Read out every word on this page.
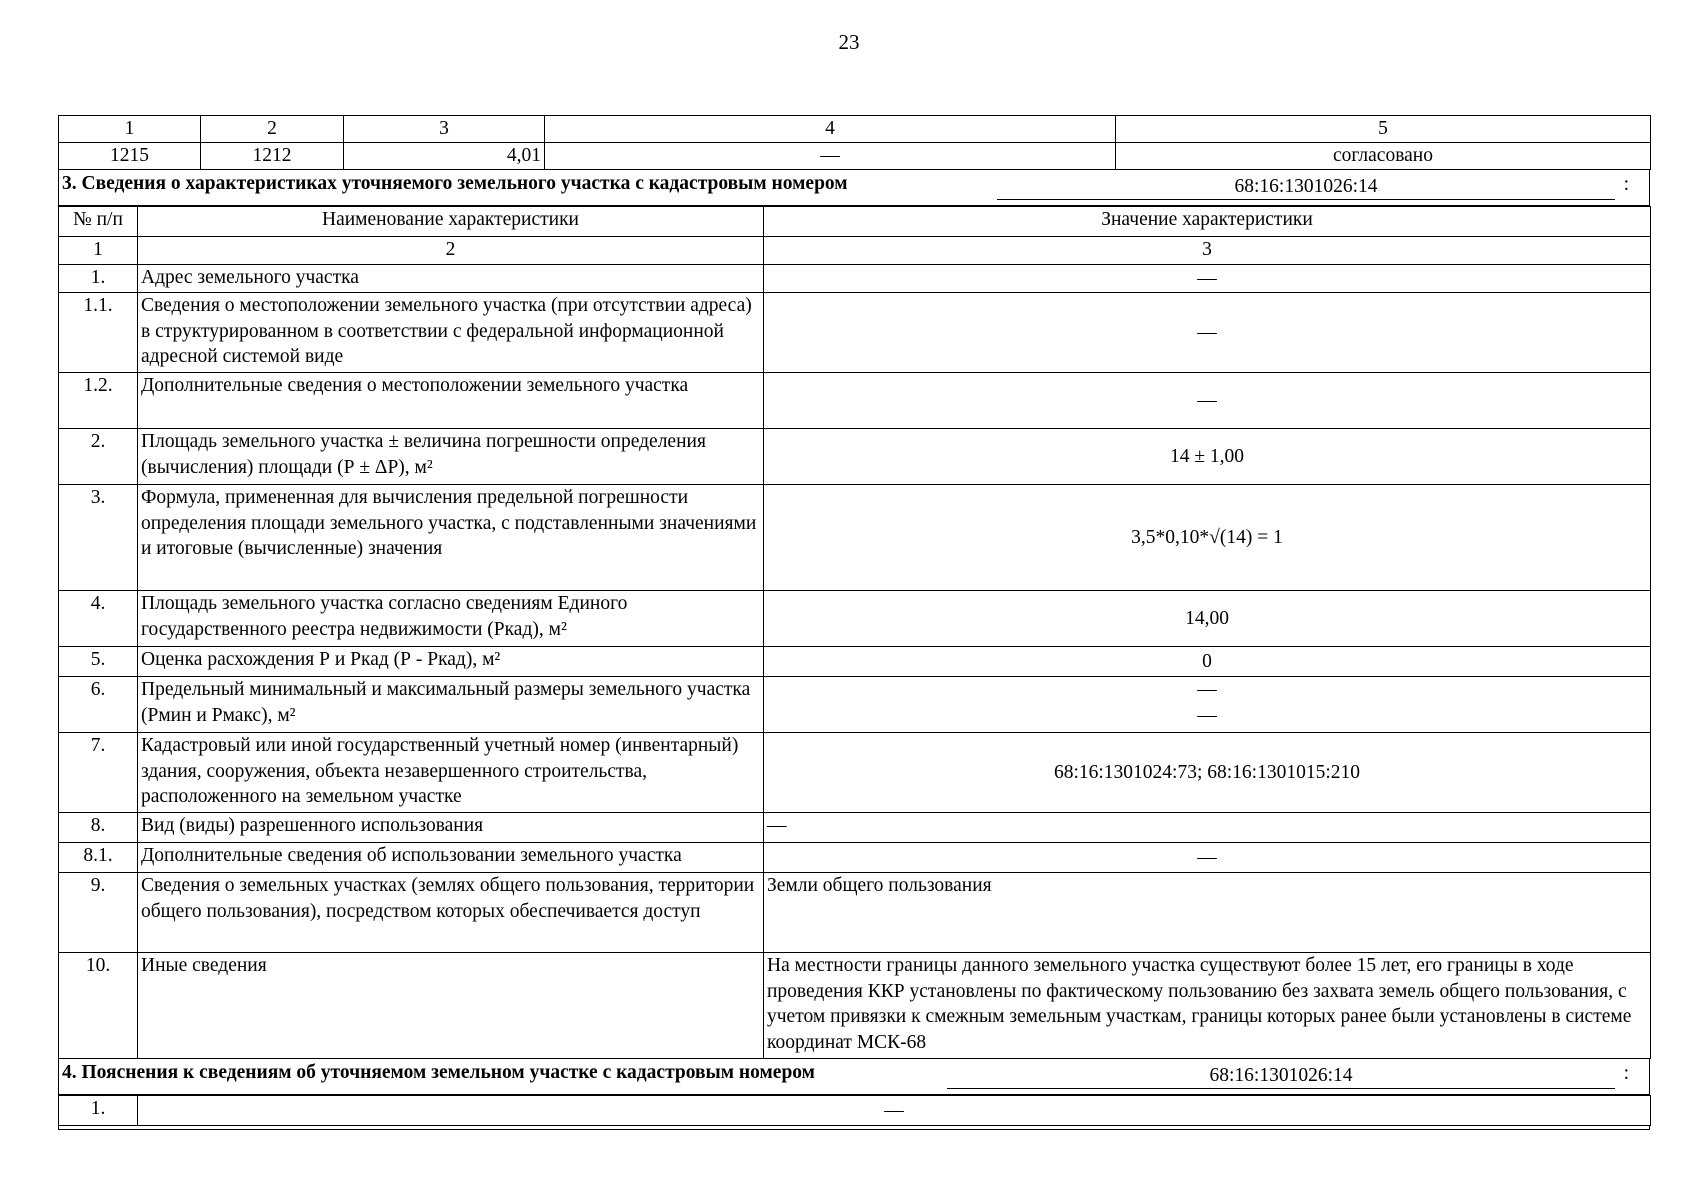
23
1	2	3	4	5
1215	1212	4,01	—	согласовано
3. Сведения о характеристиках уточняемого земельного участка с кадастровым номером	68:16:1301026:14	:
№ п/п	Наименование характеристики	Значение характеристики
1	2	3
1.	Адрес земельного участка	—
1.1.	Сведения о местоположении земельного участка (при отсутствии адреса) в структурированном в соответствии с федеральной информационной адресной системой виде	—
1.2.	Дополнительные сведения о местоположении земельного участка	—
2.	Площадь земельного участка ± величина погрешности определения (вычисления) площади (Р ± ΔР), м²	14 ± 1,00
3.	Формула, примененная для вычисления предельной погрешности определения площади земельного участка, с подставленными значениями и итоговые (вычисленные) значения	3,5*0,10*√(14) = 1
4.	Площадь земельного участка согласно сведениям Единого государственного реестра недвижимости (Ркад), м²	14,00
5.	Оценка расхождения Р и Ркад (Р - Ркад), м²	0
6.	Предельный минимальный и максимальный размеры земельного участка (Рмин и Рмакс), м²	—
—

7.	Кадастровый или иной государственный учетный номер (инвентарный) здания, сооружения, объекта незавершенного строительства, расположенного на земельном участке	68:16:1301024:73; 68:16:1301015:210
8.	Вид (виды) разрешенного использования	—
8.1.	Дополнительные сведения об использовании земельного участка	—
9.	Сведения о земельных участках (землях общего пользования, территории общего пользования), посредством которых обеспечивается доступ	Земли общего пользования
10.	Иные сведения	На местности границы данного земельного участка существуют более 15 лет, его границы в ходе проведения ККР установлены по фактическому пользованию без захвата земель общего пользования, с учетом привязки к смежным земельным участкам, границы которых ранее были установлены в системе координат МСК-68
4. Пояснения к сведениям об уточняемом земельном участке с кадастровым номером	68:16:1301026:14	:
1.	—
